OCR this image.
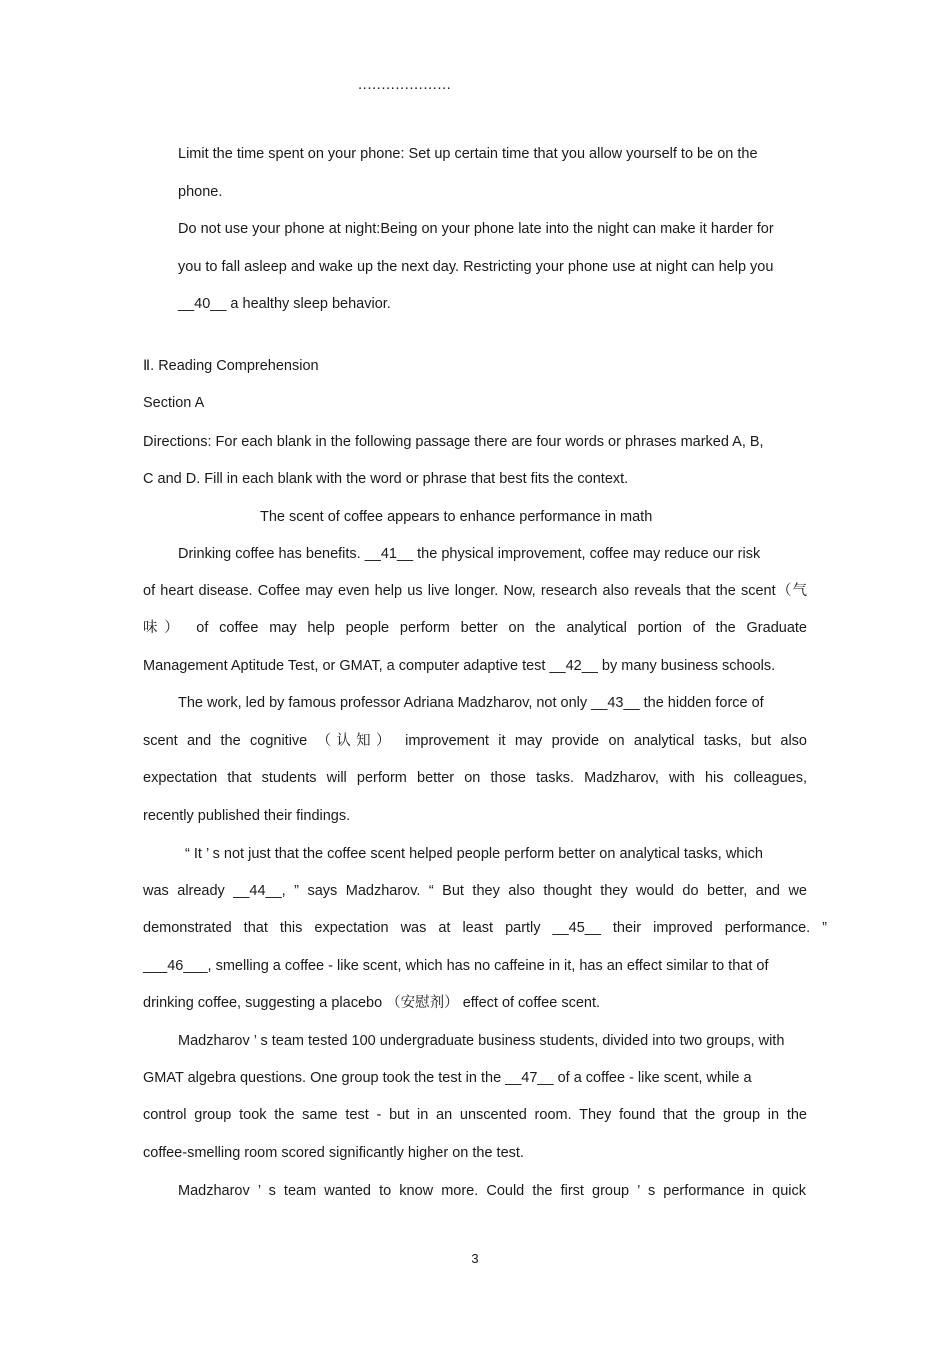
....................
Limit the time spent on your phone: Set up certain time that you allow yourself to be on the
phone.
Do not use your phone at night:Being on your phone late into the night can make it harder for
you to fall asleep and wake up the next day. Restricting your phone use at night can help you
__40__ a healthy sleep behavior.
Ⅱ. Reading Comprehension
Section A
Directions: For each blank in the following passage there are four words or phrases marked A, B,
C and D. Fill in each blank with the word or phrase that best fits the context.
The scent of coffee appears to enhance performance in math
Drinking coffee has benefits. __41__ the physical improvement, coffee may reduce our risk
of heart disease. Coffee may even help us live longer. Now, research also reveals that the scent（气
味） of coffee may help people perform better on the analytical portion of the Graduate
Management Aptitude Test, or GMAT, a computer adaptive test __42__ by many business schools.
The work, led by famous professor Adriana Madzharov, not only __43__ the hidden force of
scent and the cognitive （认知） improvement it may provide on analytical tasks, but also
expectation that students will perform better on those tasks. Madzharov, with his colleagues,
recently published their findings.
“ It ’ s not just that the coffee scent helped people perform better on analytical tasks, which
was already __44__, ” says Madzharov. “ But they also thought they would do better, and we
demonstrated that this expectation was at least partly __45__ their improved performance. ”
___46___, smelling a coffee - like scent, which has no caffeine in it, has an effect similar to that of
drinking coffee, suggesting a placebo （安慰剂） effect of coffee scent.
Madzharov ’ s team tested 100 undergraduate business students, divided into two groups, with
GMAT algebra questions. One group took the test in the __47__ of a coffee - like scent, while a
control group took the same test - but in an unscented room. They found that the group in the
coffee-smelling room scored significantly higher on the test.
Madzharov ’ s team wanted to know more. Could the first group ’ s performance in quick
3
